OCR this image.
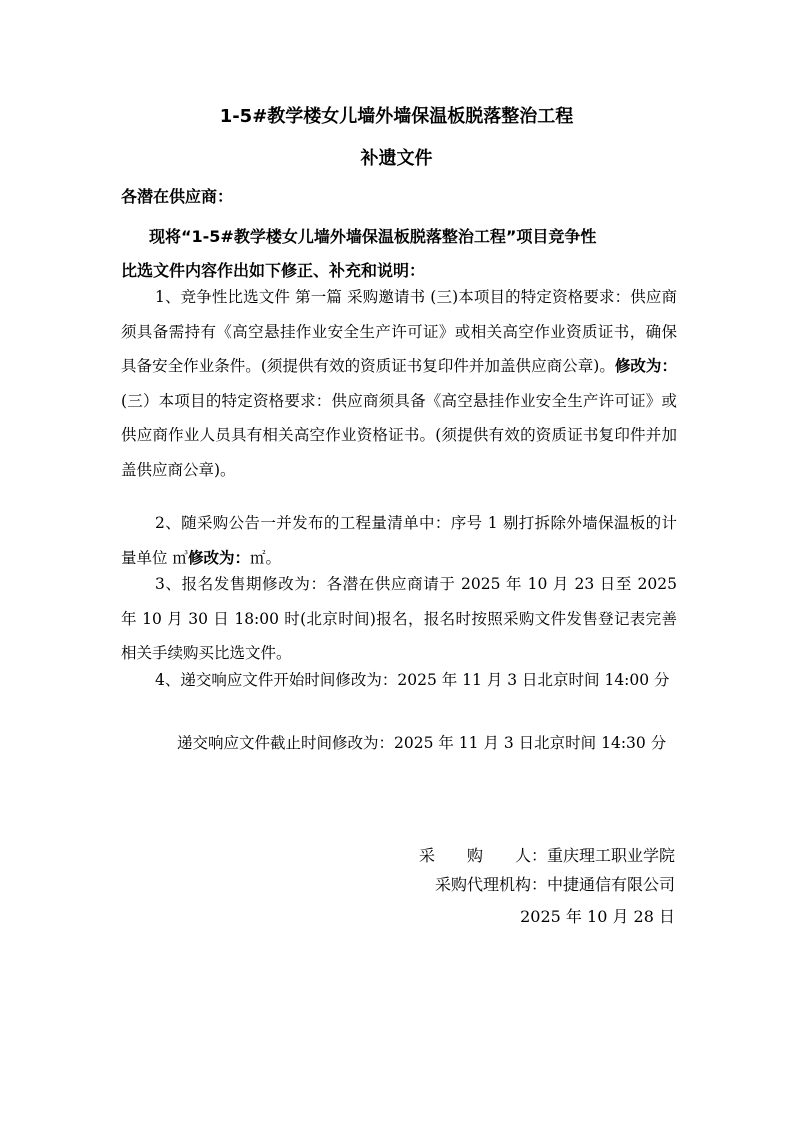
1-5#教学楼女儿墙外墙保温板脱落整治工程
补遗文件
各潜在供应商：
现将“1-5#教学楼女儿墙外墙保温板脱落整治工程”项目竞争性
比选文件内容作出如下修正、补充和说明：
1、竞争性比选文件 第一篇 采购邀请书 (三)本项目的特定资格要求：供应商须具备需持有《高空悬挂作业安全生产许可证》或相关高空作业资质证书，确保具备安全作业条件。(须提供有效的资质证书复印件并加盖供应商公章)。修改为：(三）本项目的特定资格要求：供应商须具备《高空悬挂作业安全生产许可证》或供应商作业人员具有相关高空作业资格证书。(须提供有效的资质证书复印件并加盖供应商公章)。
2、随采购公告一并发布的工程量清单中：序号 1 剔打拆除外墙保温板的计量单位 ㎥修改为：㎡。
3、报名发售期修改为：各潜在供应商请于 2025 年 10 月 23 日至 2025 年 10 月 30 日 18:00 时(北京时间)报名，报名时按照采购文件发售登记表完善相关手续购买比选文件。
4、递交响应文件开始时间修改为：2025 年 11 月 3 日北京时间 14:00 分
递交响应文件截止时间修改为：2025 年 11 月 3 日北京时间 14:30 分
采　　购　　人：重庆理工职业学院
采购代理机构：中捷通信有限公司
2025 年 10 月 28 日
